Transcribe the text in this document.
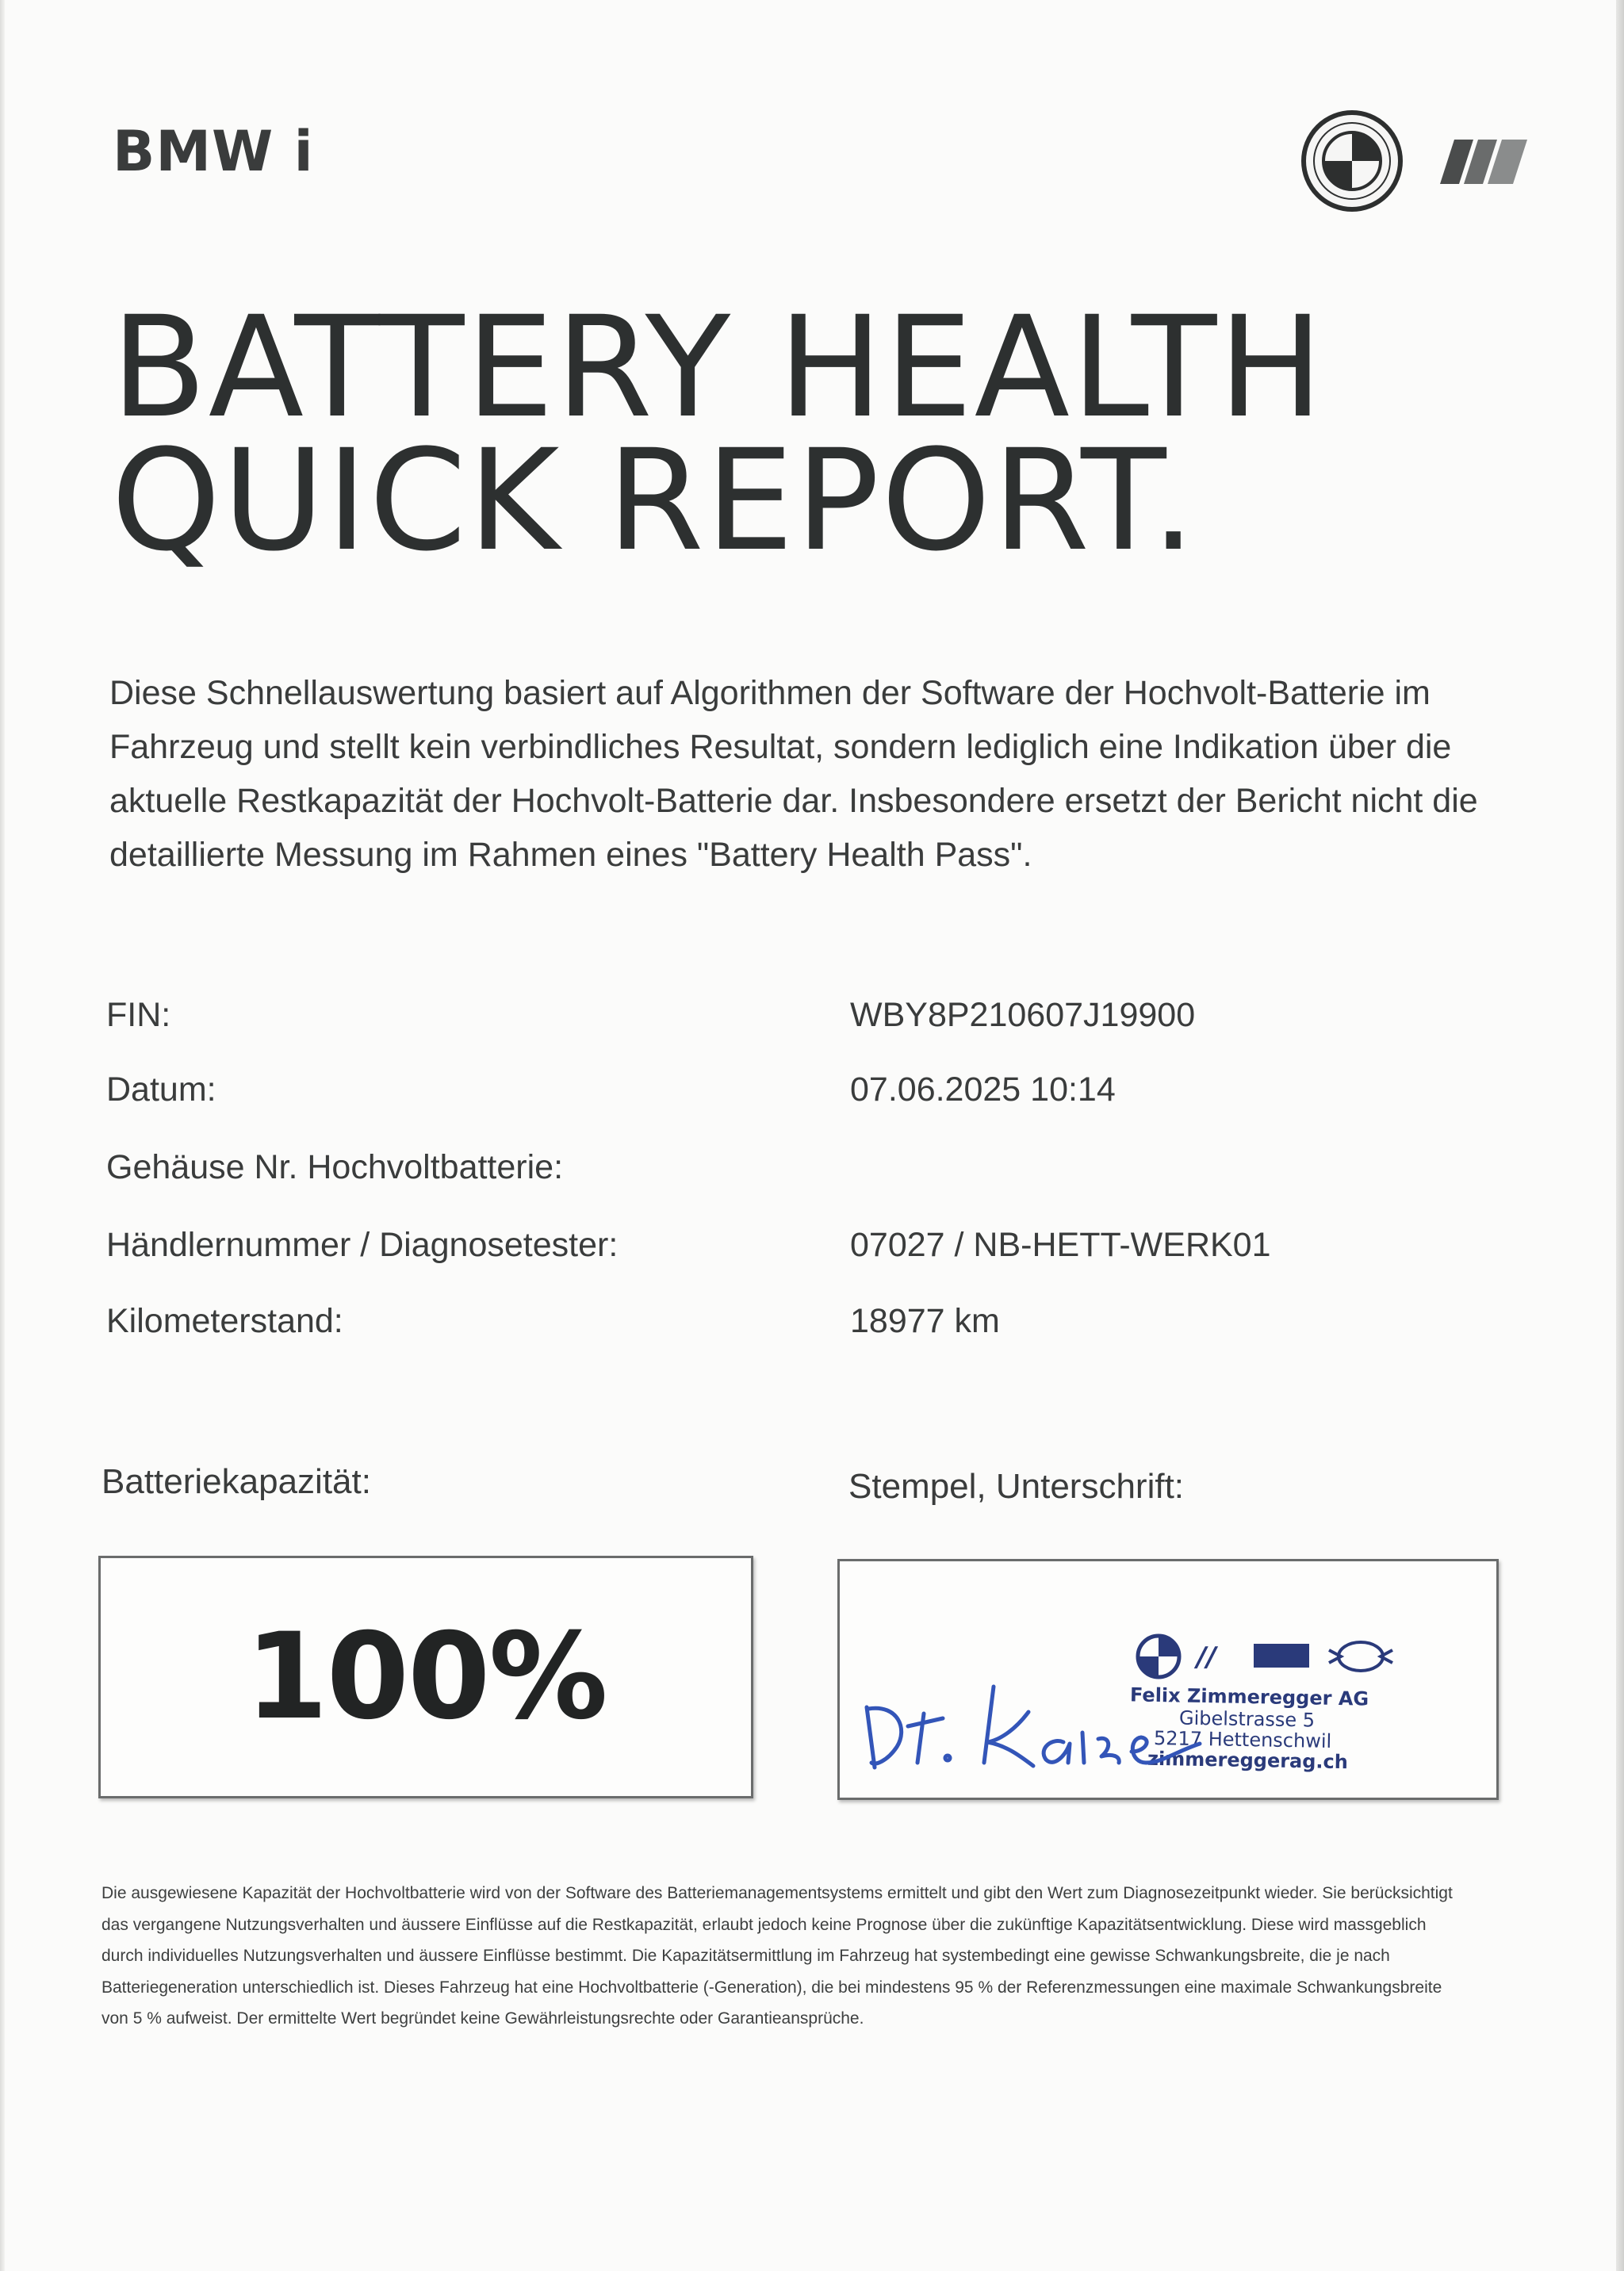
BMW i
BATTERY HEALTH
QUICK REPORT.
Diese Schnellauswertung basiert auf Algorithmen der Software der Hochvolt-Batterie im Fahrzeug und stellt kein verbindliches Resultat, sondern lediglich eine Indikation über die aktuelle Restkapazität der Hochvolt-Batterie dar. Insbesondere ersetzt der Bericht nicht die detaillierte Messung im Rahmen eines "Battery Health Pass".
FIN:	WBY8P210607J19900
Datum:	07.06.2025 10:14
Gehäuse Nr. Hochvoltbatterie:
Händlernummer / Diagnosetester:	07027 / NB-HETT-WERK01
Kilometerstand:	18977 km
Batteriekapazität:	Stempel, Unterschrift:
100%	∕∕
Felix Zimmeregger AG
Gibelstrasse 5
5217 Hettenschwil
zimmereggerag.ch
Die ausgewiesene Kapazität der Hochvoltbatterie wird von der Software des Batteriemanagementsystems ermittelt und gibt den Wert zum Diagnosezeitpunkt wieder. Sie berücksichtigt das vergangene Nutzungsverhalten und äussere Einflüsse auf die Restkapazität, erlaubt jedoch keine Prognose über die zukünftige Kapazitätsentwicklung. Diese wird massgeblich durch individuelles Nutzungsverhalten und äussere Einflüsse bestimmt. Die Kapazitätsermittlung im Fahrzeug hat systembedingt eine gewisse Schwankungsbreite, die je nach Batteriegeneration unterschiedlich ist. Dieses Fahrzeug hat eine Hochvoltbatterie (-Generation), die bei mindestens 95 % der Referenzmessungen eine maximale Schwankungsbreite von 5 % aufweist. Der ermittelte Wert begründet keine Gewährleistungsrechte oder Garantieansprüche.
